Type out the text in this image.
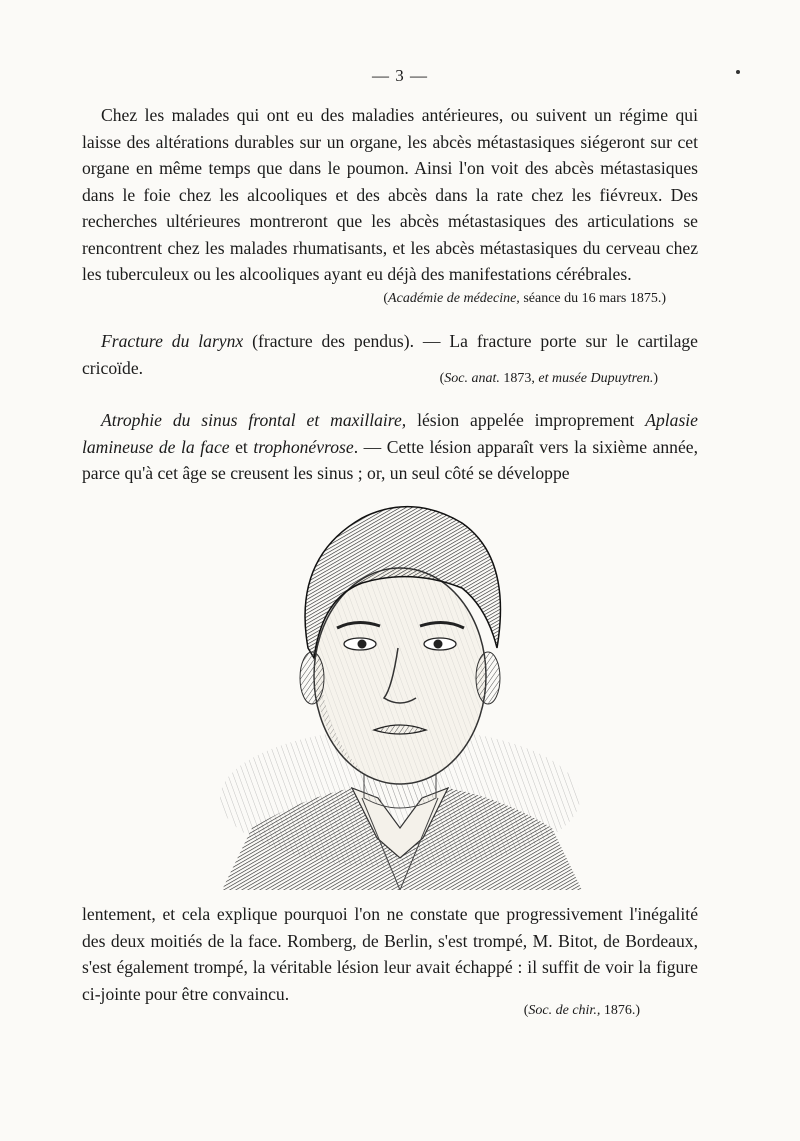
— 3 —

Chez les malades qui ont eu des maladies antérieures, ou suivent un régime qui laisse des altérations durables sur un organe, les abcès métastasiques siégeront sur cet organe en même temps que dans le poumon. Ainsi l'on voit des abcès métastasiques dans le foie chez les alcooliques et des abcès dans la rate chez les fiévreux. Des recherches ultérieures montreront que les abcès métastasiques des articulations se rencontrent chez les malades rhumatisants, et les abcès métastasiques du cerveau chez les tuberculeux ou les alcooliques ayant eu déjà des manifestations cérébrales.

(Académie de médecine, séance du 16 mars 1875.)

Fracture du larynx (fracture des pendus). — La fracture porte sur le cartilage cricoïde.

(Soc. anat. 1873, et musée Dupuytren.)

Atrophie du sinus frontal et maxillaire, lésion appelée improprement Aplasie lamineuse de la face et trophonévrose. — Cette lésion apparaît vers la sixième année, parce qu'à cet âge se creusent les sinus ; or, un seul côté se développe

lentement, et cela explique pourquoi l'on ne constate que progressivement l'inégalité des deux moitiés de la face. Romberg, de Berlin, s'est trompé, M. Bitot, de Bordeaux, s'est également trompé, la véritable lésion leur avait échappé : il suffit de voir la figure ci-jointe pour être convaincu.

(Soc. de chir., 1876.)
